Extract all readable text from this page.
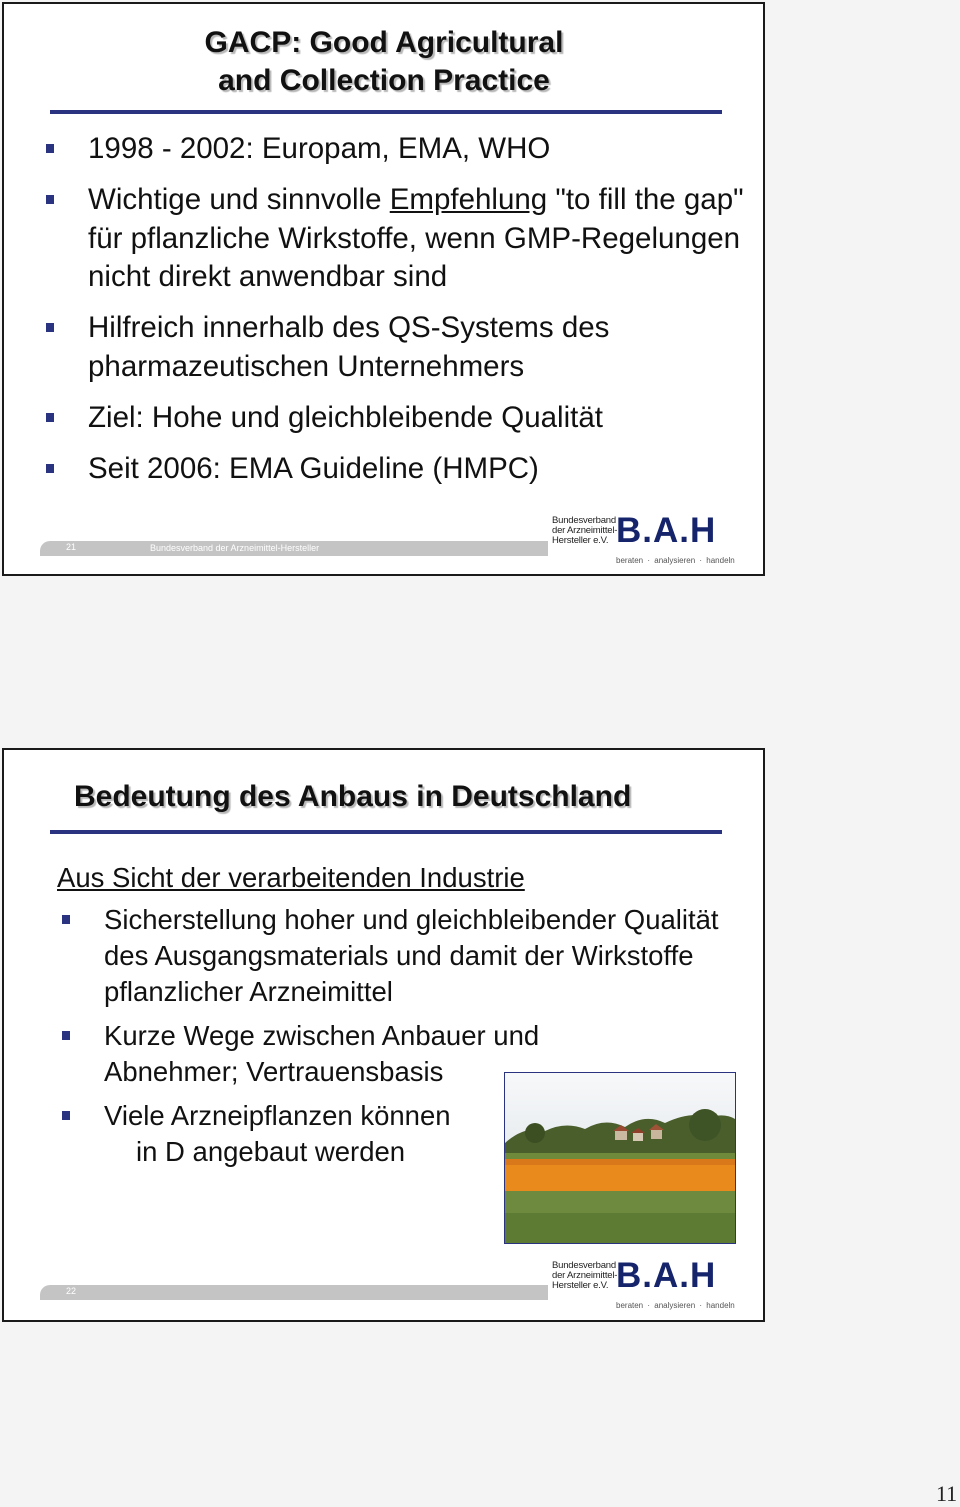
GACP: Good Agricultural
and Collection Practice
1998 - 2002: Europam, EMA, WHO
Wichtige und sinnvolle Empfehlung "to fill the gap" für pflanzliche Wirkstoffe, wenn GMP-Regelungen nicht direkt anwendbar sind
Hilfreich innerhalb des QS-Systems des pharmazeutischen Unternehmers
Ziel: Hohe und gleichbleibende Qualität
Seit 2006: EMA Guideline (HMPC)
21	Bundesverband der Arzneimittel-Hersteller
Bundesverband
der Arzneimittel-
Hersteller e.V. B.A.H
beraten · analysieren · handeln
Bedeutung des Anbaus in Deutschland
Aus Sicht der verarbeitenden Industrie
Sicherstellung hoher und gleichbleibender Qualität des Ausgangsmaterials und damit der Wirkstoffe pflanzlicher Arzneimittel
Kurze Wege zwischen Anbauer und Abnehmer; Vertrauensbasis
Viele Arzneipflanzen können
in D angebaut werden
22
Bundesverband
der Arzneimittel-
Hersteller e.V. B.A.H
beraten · analysieren · handeln
11
